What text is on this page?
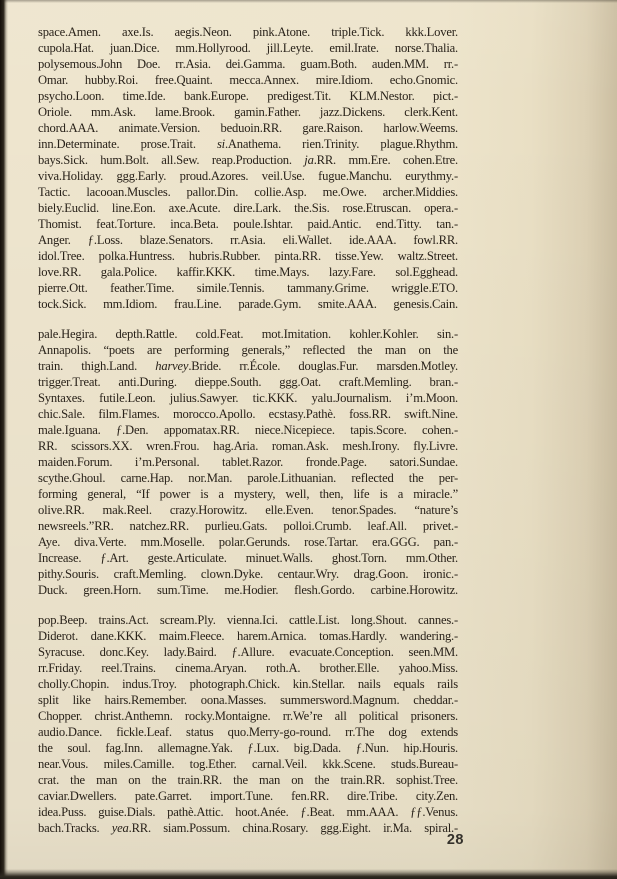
space.Amen. axe.Is. aegis.Neon. pink.Atone. triple.Tick. kkk.Lover.
cupola.Hat. juan.Dice. mm.Hollyrood. jill.Leyte. emil.Irate. norse.Thalia.
polysemous.John Doe. rr.Asia. dei.Gamma. guam.Both. auden.MM. rr.-
Omar. hubby.Roi. free.Quaint. mecca.Annex. mire.Idiom. echo.Gnomic.
psycho.Loon. time.Ide. bank.Europe. predigest.Tit. KLM.Nestor. pict.-
Oriole. mm.Ask. lame.Brook. gamin.Father. jazz.Dickens. clerk.Kent.
chord.AAA. animate.Version. beduoin.RR. gare.Raison. harlow.Weems.
inn.Determinate. prose.Trait. si.Anathema. rien.Trinity. plague.Rhythm.
bays.Sick. hum.Bolt. all.Sew. reap.Production. ja.RR. mm.Ere. cohen.Etre.
viva.Holiday. ggg.Early. proud.Azores. veil.Use. fugue.Manchu. eurythmy.-
Tactic. lacooan.Muscles. pallor.Din. collie.Asp. me.Owe. archer.Middies.
biely.Euclid. line.Eon. axe.Acute. dire.Lark. the.Sis. rose.Etruscan. opera.-
Thomist. feat.Torture. inca.Beta. poule.Ishtar. paid.Antic. end.Titty. tan.-
Anger. ƒ.Loss. blaze.Senators. rr.Asia. eli.Wallet. ide.AAA. fowl.RR.
idol.Tree. polka.Huntress. hubris.Rubber. pinta.RR. tisse.Yew. waltz.Street.
love.RR. gala.Police. kaffir.KKK. time.Mays. lazy.Fare. sol.Egghead.
pierre.Ott. feather.Time. simile.Tennis. tammany.Grime. wriggle.ETO.
tock.Sick. mm.Idiom. frau.Line. parade.Gym. smite.AAA. genesis.Cain.
pale.Hegira. depth.Rattle. cold.Feat. mot.Imitation. kohler.Kohler. sin.-
Annapolis. “poets are performing generals,” reflected the man on the
train. thigh.Land. harvey.Bride. rr.École. douglas.Fur. marsden.Motley.
trigger.Treat. anti.During. dieppe.South. ggg.Oat. craft.Memling. bran.-
Syntaxes. futile.Leon. julius.Sawyer. tic.KKK. yalu.Journalism. i’m.Moon.
chic.Sale. film.Flames. morocco.Apollo. ecstasy.Pathè. foss.RR. swift.Nine.
male.Iguana. ƒ.Den. appomatax.RR. niece.Nicepiece. tapis.Score. cohen.-
RR. scissors.XX. wren.Frou. hag.Aria. roman.Ask. mesh.Irony. fly.Livre.
maiden.Forum. i’m.Personal. tablet.Razor. fronde.Page. satori.Sundae.
scythe.Ghoul. carne.Hap. nor.Man. parole.Lithuanian. reflected the per-
forming general, “If power is a mystery, well, then, life is a miracle.”
olive.RR. mak.Reel. crazy.Horowitz. elle.Even. tenor.Spades. “nature’s
newsreels.”RR. natchez.RR. purlieu.Gats. polloi.Crumb. leaf.All. privet.-
Aye. diva.Verte. mm.Moselle. polar.Gerunds. rose.Tartar. era.GGG. pan.-
Increase. ƒ.Art. geste.Articulate. minuet.Walls. ghost.Torn. mm.Other.
pithy.Souris. craft.Memling. clown.Dyke. centaur.Wry. drag.Goon. ironic.-
Duck. green.Horn. sum.Time. me.Hodier. flesh.Gordo. carbine.Horowitz.
pop.Beep. trains.Act. scream.Ply. vienna.Ici. cattle.List. long.Shout. cannes.-
Diderot. dane.KKK. maim.Fleece. harem.Arnica. tomas.Hardly. wandering.-
Syracuse. donc.Key. lady.Baird. ƒ.Allure. evacuate.Conception. seen.MM.
rr.Friday. reel.Trains. cinema.Aryan. roth.A. brother.Elle. yahoo.Miss.
cholly.Chopin. indus.Troy. photograph.Chick. kin.Stellar. nails equals rails
split like hairs.Remember. oona.Masses. summersword.Magnum. cheddar.-
Chopper. christ.Anthemn. rocky.Montaigne. rr.We’re all political prisoners.
audio.Dance. fickle.Leaf. status quo.Merry-go-round. rr.The dog extends
the soul. fag.Inn. allemagne.Yak. ƒ.Lux. big.Dada. ƒ.Nun. hip.Houris.
near.Vous. miles.Camille. tog.Ether. carnal.Veil. kkk.Scene. studs.Bureau-
crat. the man on the train.RR. the man on the train.RR. sophist.Tree.
caviar.Dwellers. pate.Garret. import.Tune. fen.RR. dire.Tribe. city.Zen.
idea.Puss. guise.Dials. pathè.Attic. hoot.Anée. ƒ.Beat. mm.AAA. ƒƒ.Venus.
bach.Tracks. yea.RR. siam.Possum. china.Rosary. ggg.Eight. ir.Ma. spiral.-
28
